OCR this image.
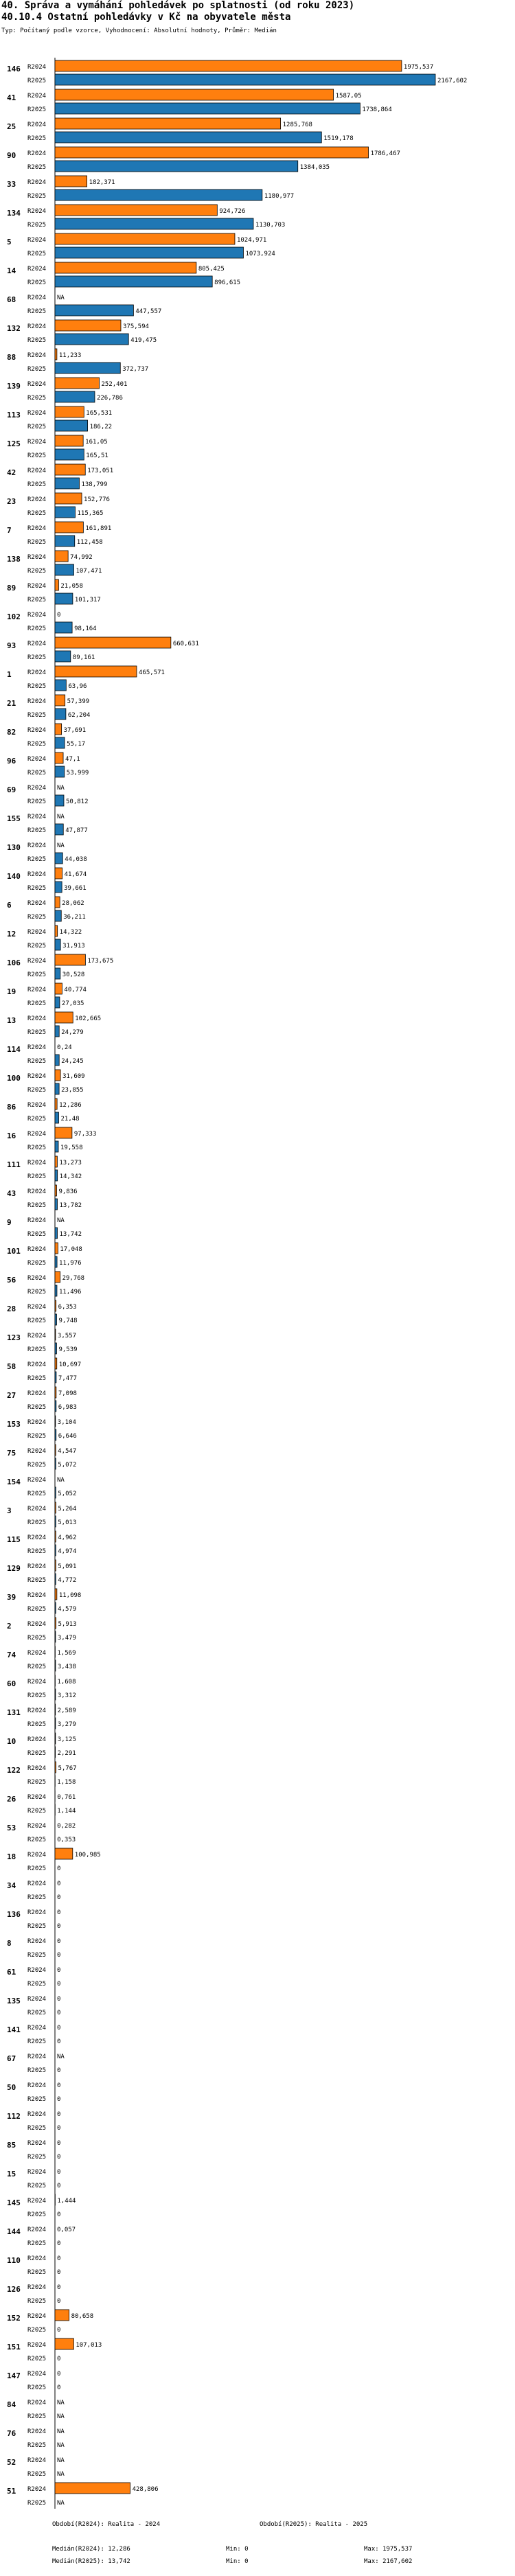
40. Správa a vymáhání pohledávek po splatnosti (od roku 2023)
40.10.4 Ostatní pohledávky v Kč na obyvatele města
Typ: Počítaný podle vzorce, Vyhodnocení: Absolutní hodnoty, Průměr: Medián
146 R2024	1975,537
R2025	2167,602
41 R2024	1587,05
R2025	1738,864
25 R2024	1285,768
R2025	1519,178
90 R2024	1786,467
R2025	1384,035
33 R2024	182,371
R2025	1180,977
134 R2024	924,726
R2025	1130,703
5	R2024	1024,971
R2025	1073,924
14 R2024	805,425
R2025	896,615
68 R2024 NA
R2025	447,557
132 R2024	375,594
R2025	419,475
88 R2024 11,233
R2025	372,737
139 R2024	252,401
R2025	226,786
113 R2024	165,531
R2025	186,22
125 R2024	161,05
R2025	165,51
42 R2024	173,051
R2025	138,799
23 R2024	152,776
R2025	115,365
7	R2024	161,891
R2025	112,458
138 R2024	74,992
R2025	107,471
89 R2024 21,058
R2025	101,317
102 R2024 0
R2025	98,164
93 R2024	660,631
R2025	89,161
1	R2024	465,571
R2025	63,96
21 R2024	57,399
R2025	62,204
82 R2024	37,691
R2025	55,17
96 R2024	47,1
R2025	53,999
69 R2024 NA
R2025	50,812
155 R2024 NA
R2025	47,877
130 R2024 NA
R2025	44,038
140 R2024	41,674
R2025	39,661
6	R2024	28,062
R2025	36,211
12 R2024 14,322
R2025	31,913
106 R2024	173,675
R2025	30,528
19 R2024	40,774
R2025	27,035
13 R2024	102,665
R2025 24,279
114 R2024 0,24
R2025 24,245
100 R2024	31,609
R2025 23,855
86 R2024 12,286
R2025 21,48
16 R2024	97,333
R2025 19,558
111 R2024 13,273
R2025 14,342
43 R2024 9,836
R2025 13,782
9	R2024 NA
R2025 13,742
101 R2024 17,048
R2025 11,976
56 R2024	29,768
R2025 11,496
28 R2024 6,353
R2025 9,748
123 R2024 3,557
R2025 9,539
58 R2024 10,697
R2025 7,477
27 R2024 7,098
R2025 6,983
153 R2024 3,104
R2025 6,646
75 R2024 4,547
R2025 5,072
154 R2024 NA
R2025 5,052
3	R2024 5,264
R2025 5,013
115 R2024 4,962
R2025 4,974
129 R2024 5,091
R2025 4,772
39 R2024 11,098
R2025 4,579
2	R2024 5,913
R2025 3,479
74 R2024 1,569
R2025 3,438
60 R2024 1,608
R2025 3,312
131 R2024 2,589
R2025 3,279
10 R2024 3,125
R2025 2,291
122 R2024 5,767
R2025 1,158
26 R2024 0,761
R2025 1,144
53 R2024 0,282
R2025 0,353
18 R2024	100,985
R2025 0
34 R2024 0
R2025 0
136 R2024 0
R2025 0
8	R2024 0
R2025 0
61 R2024 0
R2025 0
135 R2024 0
R2025 0
141 R2024 0
R2025 0
67 R2024 NA
R2025 0
50 R2024 0
R2025 0
112 R2024 0
R2025 0
85 R2024 0
R2025 0
15 R2024 0
R2025 0
145 R2024 1,444
R2025 0
144 R2024 0,057
R2025 0
110 R2024 0
R2025 0
126 R2024 0
R2025 0
152 R2024	80,658
R2025 0
151 R2024	107,013
R2025 0
147 R2024 0
R2025 0
84 R2024 NA
R2025 NA
76 R2024 NA
R2025 NA
52 R2024 NA
R2025 NA
51 R2024	428,806
R2025 NA
Období(R2024): Realita - 2024	Období(R2025): Realita - 2025
Medián(R2024): 12,286	Min: 0	Max: 1975,537
Medián(R2025): 13,742	Min: 0	Max: 2167,602
